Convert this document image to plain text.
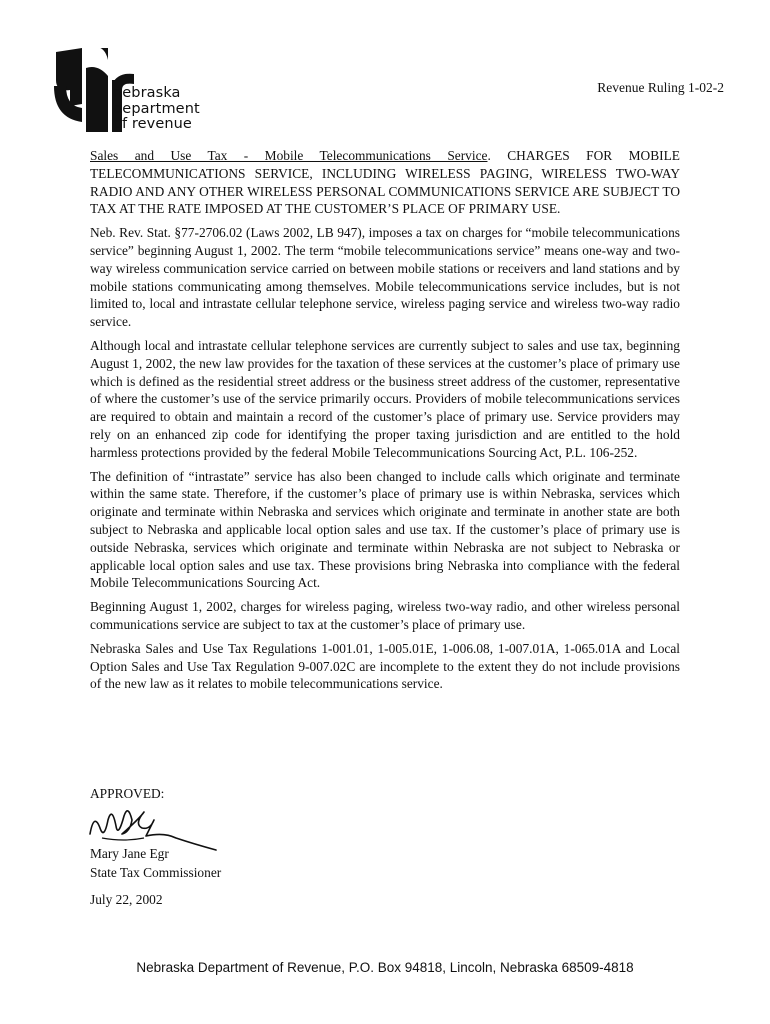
nebraska
department
of revenue
Revenue Ruling 1-02-2

Sales and Use Tax - Mobile Telecommunications Service. CHARGES FOR MOBILE TELECOMMUNICATIONS SERVICE, INCLUDING WIRELESS PAGING, WIRELESS TWO-WAY RADIO AND ANY OTHER WIRELESS PERSONAL COMMUNICATIONS SERVICE ARE SUBJECT TO TAX AT THE RATE IMPOSED AT THE CUSTOMER’S PLACE OF PRIMARY USE.

Neb. Rev. Stat. §77-2706.02 (Laws 2002, LB 947), imposes a tax on charges for “mobile telecommunications service” beginning August 1, 2002. The term “mobile telecommunications service” means one-way and two-way wireless communication service carried on between mobile stations or receivers and land stations and by mobile stations communicating among themselves. Mobile telecommunications service includes, but is not limited to, local and intrastate cellular telephone service, wireless paging service and wireless two-way radio service.

Although local and intrastate cellular telephone services are currently subject to sales and use tax, beginning August 1, 2002, the new law provides for the taxation of these services at the customer’s place of primary use which is defined as the residential street address or the business street address of the customer, representative of where the customer’s use of the service primarily occurs. Providers of mobile telecommunications services are required to obtain and maintain a record of the customer’s place of primary use. Service providers may rely on an enhanced zip code for identifying the proper taxing jurisdiction and are entitled to the hold harmless protections provided by the federal Mobile Telecommunications Sourcing Act, P.L. 106-252.

The definition of “intrastate” service has also been changed to include calls which originate and terminate within the same state. Therefore, if the customer’s place of primary use is within Nebraska, services which originate and terminate within Nebraska and services which originate and terminate in another state are both subject to Nebraska and applicable local option sales and use tax. If the customer’s place of primary use is outside Nebraska, services which originate and terminate within Nebraska are not subject to Nebraska or applicable local option sales and use tax. These provisions bring Nebraska into compliance with the federal Mobile Telecommunications Sourcing Act.

Beginning August 1, 2002, charges for wireless paging, wireless two-way radio, and other wireless personal communications service are subject to tax at the customer’s place of primary use.

Nebraska Sales and Use Tax Regulations 1-001.01, 1-005.01E, 1-006.08, 1-007.01A, 1-065.01A and Local Option Sales and Use Tax Regulation 9-007.02C are incomplete to the extent they do not include provisions of the new law as it relates to mobile telecommunications service.

APPROVED:
Mary Jane Egr
State Tax Commissioner
July 22, 2002
Nebraska Department of Revenue, P.O. Box 94818, Lincoln, Nebraska 68509-4818
